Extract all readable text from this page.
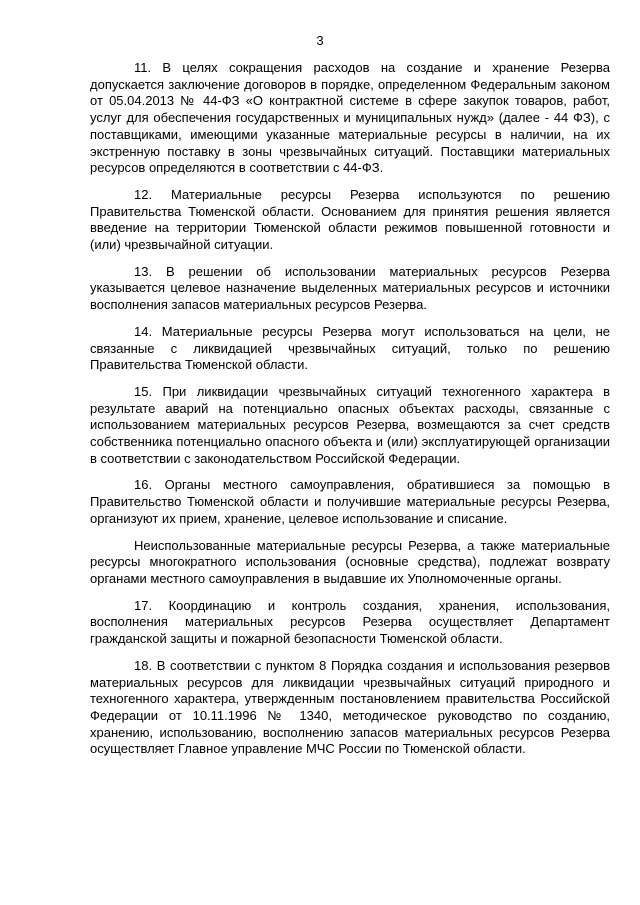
3

11. В целях сокращения расходов на создание и хранение Резерва допускается заключение договоров в порядке, определенном Федеральным законом от 05.04.2013 № 44-ФЗ «О контрактной системе в сфере закупок товаров, работ, услуг для обеспечения государственных и муниципальных нужд» (далее - 44 ФЗ), с поставщиками, имеющими указанные материальные ресурсы в наличии, на их экстренную поставку в зоны чрезвычайных ситуаций. Поставщики материальных ресурсов определяются в соответствии с 44-ФЗ.

12. Материальные ресурсы Резерва используются по решению Правительства Тюменской области. Основанием для принятия решения является введение на территории Тюменской области режимов повышенной готовности и (или) чрезвычайной ситуации.

13. В решении об использовании материальных ресурсов Резерва указывается целевое назначение выделенных материальных ресурсов и источники восполнения запасов материальных ресурсов Резерва.

14. Материальные ресурсы Резерва могут использоваться на цели, не связанные с ликвидацией чрезвычайных ситуаций, только по решению Правительства Тюменской области.

15. При ликвидации чрезвычайных ситуаций техногенного характера в результате аварий на потенциально опасных объектах расходы, связанные с использованием материальных ресурсов Резерва, возмещаются за счет средств собственника потенциально опасного объекта и (или) эксплуатирующей организации в соответствии с законодательством Российской Федерации.

16. Органы местного самоуправления, обратившиеся за помощью в Правительство Тюменской области и получившие материальные ресурсы Резерва, организуют их прием, хранение, целевое использование и списание.

Неиспользованные материальные ресурсы Резерва, а также материальные ресурсы многократного использования (основные средства), подлежат возврату органами местного самоуправления в выдавшие их Уполномоченные органы.

17. Координацию и контроль создания, хранения, использования, восполнения материальных ресурсов Резерва осуществляет Департамент гражданской защиты и пожарной безопасности Тюменской области.

18. В соответствии с пунктом 8 Порядка создания и использования резервов материальных ресурсов для ликвидации чрезвычайных ситуаций природного и техногенного характера, утвержденным постановлением правительства Российской Федерации от 10.11.1996 № 1340, методическое руководство по созданию, хранению, использованию, восполнению запасов материальных ресурсов Резерва осуществляет Главное управление МЧС России по Тюменской области.
